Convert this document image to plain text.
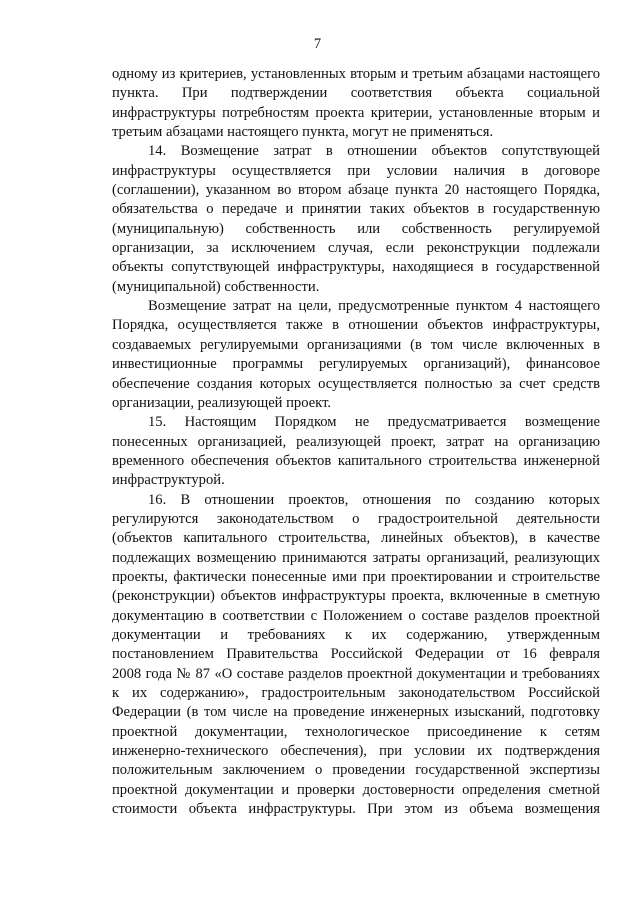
7
одному из критериев, установленных вторым и третьим абзацами настоящего
пункта. При подтверждении соответствия объекта социальной
инфраструктуры потребностям проекта критерии, установленные вторым и
третьим абзацами настоящего пункта, могут не применяться.
14. Возмещение затрат в отношении объектов сопутствующей
инфраструктуры осуществляется при условии наличия в договоре
(соглашении), указанном во втором абзаце пункта 20 настоящего Порядка,
обязательства о передаче и принятии таких объектов в государственную
(муниципальную) собственность или собственность регулируемой
организации, за исключением случая, если реконструкции подлежали
объекты сопутствующей инфраструктуры, находящиеся в государственной
(муниципальной) собственности.
Возмещение затрат на цели, предусмотренные пунктом 4 настоящего
Порядка, осуществляется также в отношении объектов инфраструктуры,
создаваемых регулируемыми организациями (в том числе включенных в
инвестиционные программы регулируемых организаций), финансовое
обеспечение создания которых осуществляется полностью за счет средств
организации, реализующей проект.
15. Настоящим Порядком не предусматривается возмещение
понесенных организацией, реализующей проект, затрат на организацию
временного обеспечения объектов капитального строительства инженерной
инфраструктурой.
16. В отношении проектов, отношения по созданию которых
регулируются законодательством о градостроительной деятельности
(объектов капитального строительства, линейных объектов), в качестве
подлежащих возмещению принимаются затраты организаций, реализующих
проекты, фактически понесенные ими при проектировании и строительстве
(реконструкции) объектов инфраструктуры проекта, включенные в сметную
документацию в соответствии с Положением о составе разделов проектной
документации и требованиях к их содержанию, утвержденным
постановлением Правительства Российской Федерации от 16 февраля
2008 года № 87 «О составе разделов проектной документации и требованиях
к их содержанию», градостроительным законодательством Российской
Федерации (в том числе на проведение инженерных изысканий, подготовку
проектной документации, технологическое присоединение к сетям
инженерно-технического обеспечения), при условии их подтверждения
положительным заключением о проведении государственной экспертизы
проектной документации и проверки достоверности определения сметной
стоимости объекта инфраструктуры. При этом из объема возмещения
